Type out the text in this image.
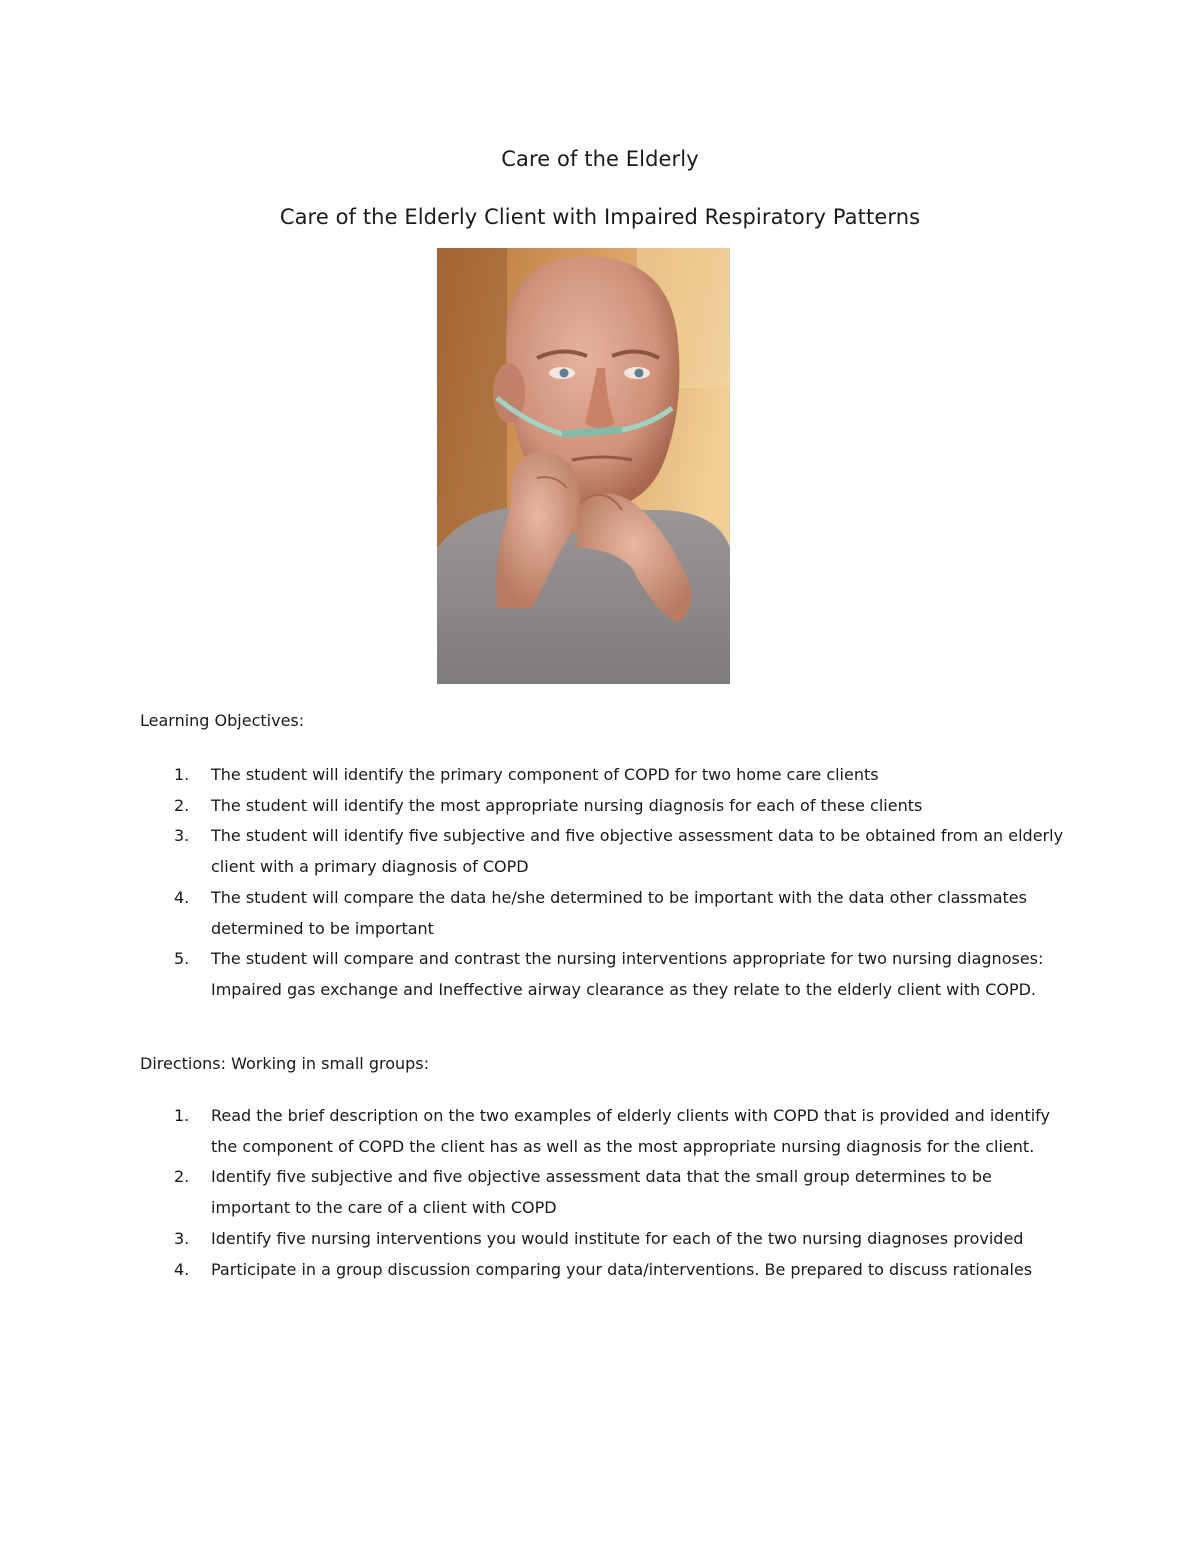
Care of the Elderly
Care of the Elderly Client with Impaired Respiratory Patterns
Learning Objectives:
1. The student will identify the primary component of COPD for two home care clients
2. The student will identify the most appropriate nursing diagnosis for each of these clients
3. The student will identify five subjective and five objective assessment data to be obtained from an elderly client with a primary diagnosis of COPD
4. The student will compare the data he/she determined to be important with the data other classmates determined to be important
5. The student will compare and contrast the nursing interventions appropriate for two nursing diagnoses: Impaired gas exchange and Ineffective airway clearance as they relate to the elderly client with COPD.
Directions: Working in small groups:
1. Read the brief description on the two examples of elderly clients with COPD that is provided and identify the component of COPD the client has as well as the most appropriate nursing diagnosis for the client.
2. Identify five subjective and five objective assessment data that the small group determines to be important to the care of a client with COPD
3. Identify five nursing interventions you would institute for each of the two nursing diagnoses provided
4. Participate in a group discussion comparing your data/interventions. Be prepared to discuss rationales
